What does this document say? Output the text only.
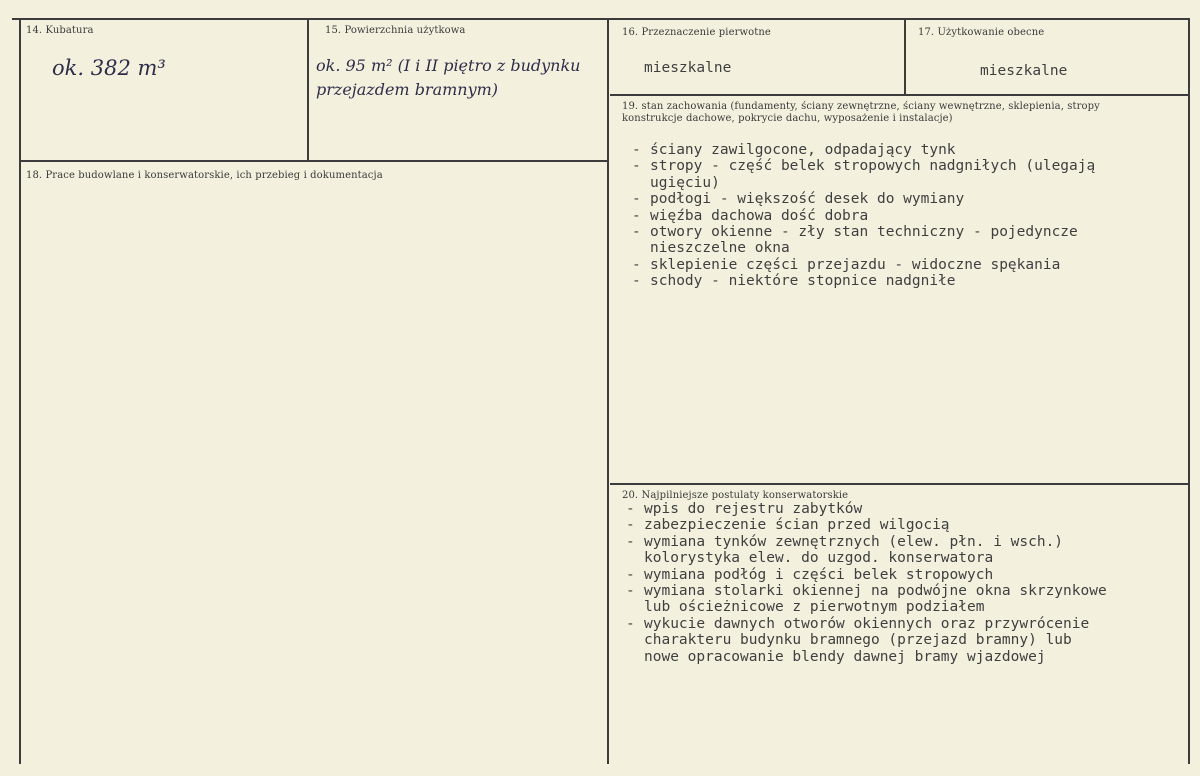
14. Kubatura
ok. 382 m³
15. Powierzchnia użytkowa
ok. 95 m² (I i II piętro z budynku
przejazdem bramnym)
16. Przeznaczenie pierwotne
mieszkalne
17. Użytkowanie obecne
mieszkalne
18. Prace budowlane i konserwatorskie, ich przebieg i dokumentacja
19. stan zachowania (fundamenty, ściany zewnętrzne, ściany wewnętrzne, sklepienia, stropy konstrukcje dachowe, pokrycie dachu, wyposażenie i instalacje)
- ściany zawilgocone, odpadający tynk
- stropy - część belek stropowych nadgniłych (ulegają
ugięciu)
- podłogi - większość desek do wymiany
- więźba dachowa dość dobra
- otwory okienne - zły stan techniczny - pojedyncze
nieszczelne okna
- sklepienie części przejazdu - widoczne spękania
- schody - niektóre stopnice nadgniłe
20. Najpilniejsze postulaty konserwatorskie
- wpis do rejestru zabytków
- zabezpieczenie ścian przed wilgocią
- wymiana tynków zewnętrznych (elew. płn. i wsch.)
kolorystyka elew. do uzgod. konserwatora
- wymiana podłóg i części belek stropowych
- wymiana stolarki okiennej na podwójne okna skrzynkowe
lub ościeżnicowe z pierwotnym podziałem
- wykucie dawnych otworów okiennych oraz przywrócenie
charakteru budynku bramnego (przejazd bramny) lub
nowe opracowanie blendy dawnej bramy wjazdowej
